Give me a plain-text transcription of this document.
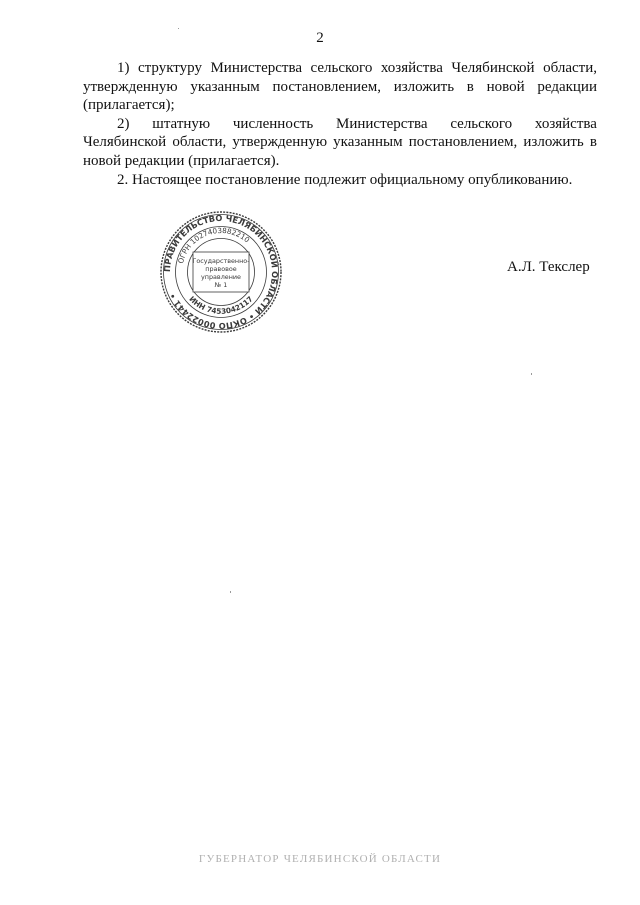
2

1) структуру Министерства сельского хозяйства Челябинской области, утвержденную указанным постановлением, изложить в новой редакции (прилагается);

2) штатную численность Министерства сельского хозяйства

Челябинской области, утвержденную указанным постановлением, изложить в новой редакции (прилагается).

2. Настоящее постановление подлежит официальному опубликованию.

ПРАВИТЕЛЬСТВО ЧЕЛЯБИНСКОЙ ОБЛАСТИ • ОКПО 00022441 •
ОГРН 1027403882210
ИНН 7453042117
Государственно-
правовое
управление
№ 1
А.Л. Текслер
ГУБЕРНАТОР ЧЕЛЯБИНСКОЙ ОБЛАСТИ
